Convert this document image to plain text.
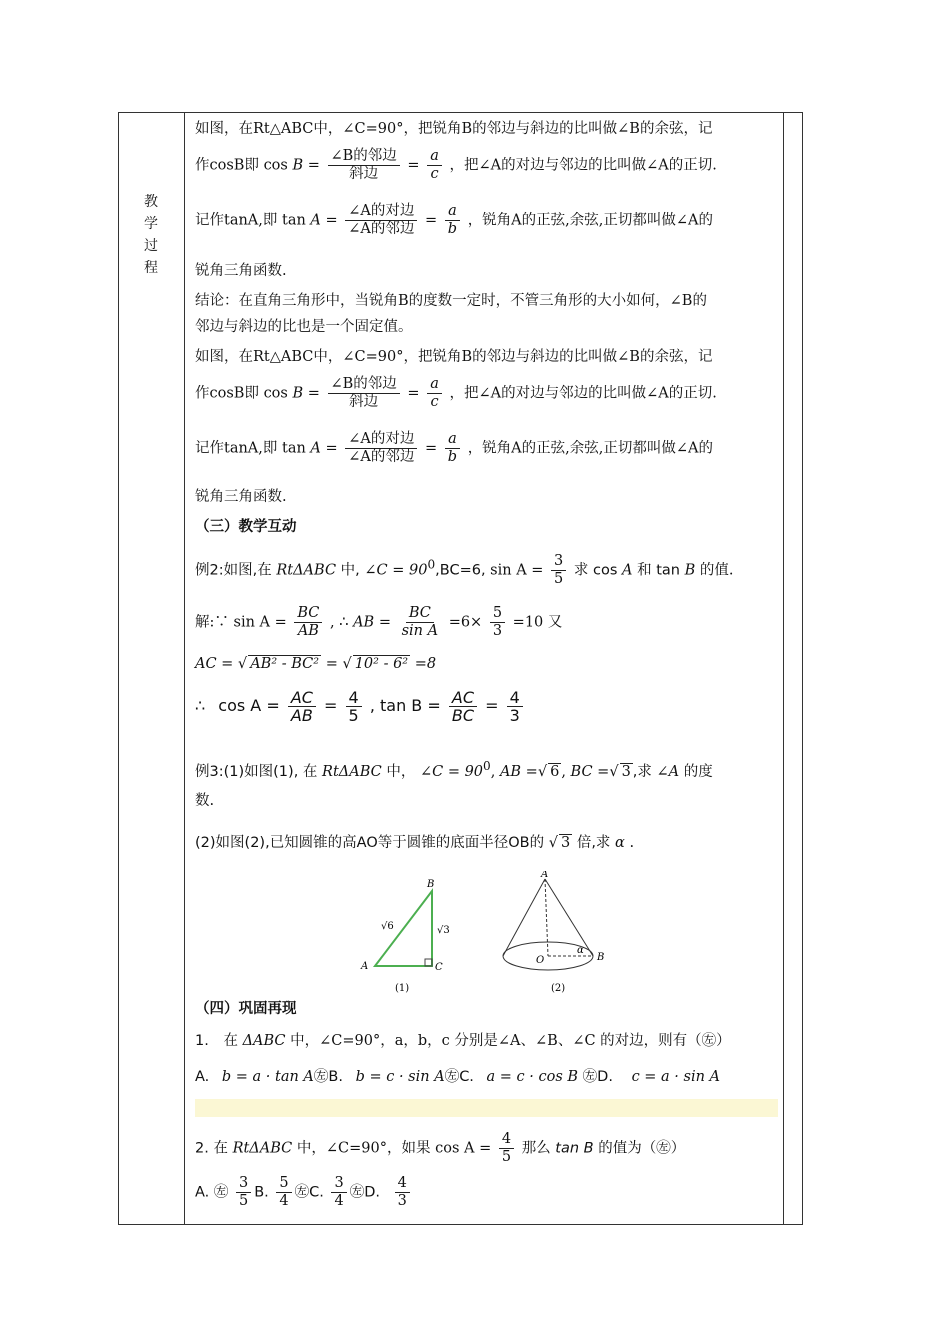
教
学
过
程
如图，在Rt△ABC中，∠C=90°，把锐角B的邻边与斜边的比叫做∠B的余弦，记
作cosB即 $\cos B = \frac{\text{∠B的邻边}}{\text{斜边}} = \frac{a}{c}$ ，把∠A的对边与邻边的比叫做∠A的正切.
记作tanA,即 $\tan A = \frac{\text{∠A的对边}}{\text{∠A的邻边}} = \frac{a}{b}$ ，锐角A的正弦,余弦,正切都叫做∠A的
锐角三角函数.
结论：在直角三角形中，当锐角B的度数一定时，不管三角形的大小如何，∠B的
邻边与斜边的比也是一个固定值。
如图，在Rt△ABC中，∠C=90°，把锐角B的邻边与斜边的比叫做∠B的余弦，记
作cosB即 $\cos B = \frac{\text{∠B的邻边}}{\text{斜边}} = \frac{a}{c}$ ，把∠A的对边与邻边的比叫做∠A的正切.
记作tanA,即 $\tan A = \frac{\text{∠A的对边}}{\text{∠A的邻边}} = \frac{a}{b}$ ，锐角A的正弦,余弦,正切都叫做∠A的
锐角三角函数.
（三）教学互动
例2:如图,在 RtΔABC 中, ∠C = $90^0,BC=6$, $\sin A = \frac{3}{5}$ 求 cos A 和 tan B 的值.
解:∵ $\sin A = \frac{BC}{AB}$ , ∴ AB = $\frac{BC}{\text{sin A}} =6\times \frac{5}{3} =10$ 又
AC = √ AB² - BC² = √ 10² - 6² =8
∴ $\cos A = \frac{AC}{AB} = \frac{4}{5}$ , $\tan B = \frac{AC}{BC} = \frac{4}{3}$
例3:(1)如图(1), 在 RtΔABC 中， ∠C = $90^0$, AB =√ 6 , BC =√ 3 ,求 ∠A 的度
数.
(2)如图(2),已知圆锥的高AO等于圆锥的底面半径OB的 √ 3 倍,求 α .
B
A	C
√6	√3
(1)
A
O	B
α
(2)
（四）巩固再现
1. 在 ΔABC 中，∠C=90°，a，b，c 分别是∠A、∠B、∠C 的对边，则有（㊧）
A. b = a · tan A㊧B. b = c · sin A㊧C. a = c · cos B ㊧D. c = a · sin A
2. 在 RtΔABC 中，∠C=90°，如果 $\cos A = \frac{4}{5}$ 那么 tan B 的值为（㊧）
A. ㊧ $\frac{3}{5} B$. $\frac{5}{4}$ ㊧C. $\frac{3}{4}$ ㊧D. $\frac{4}{3}$
